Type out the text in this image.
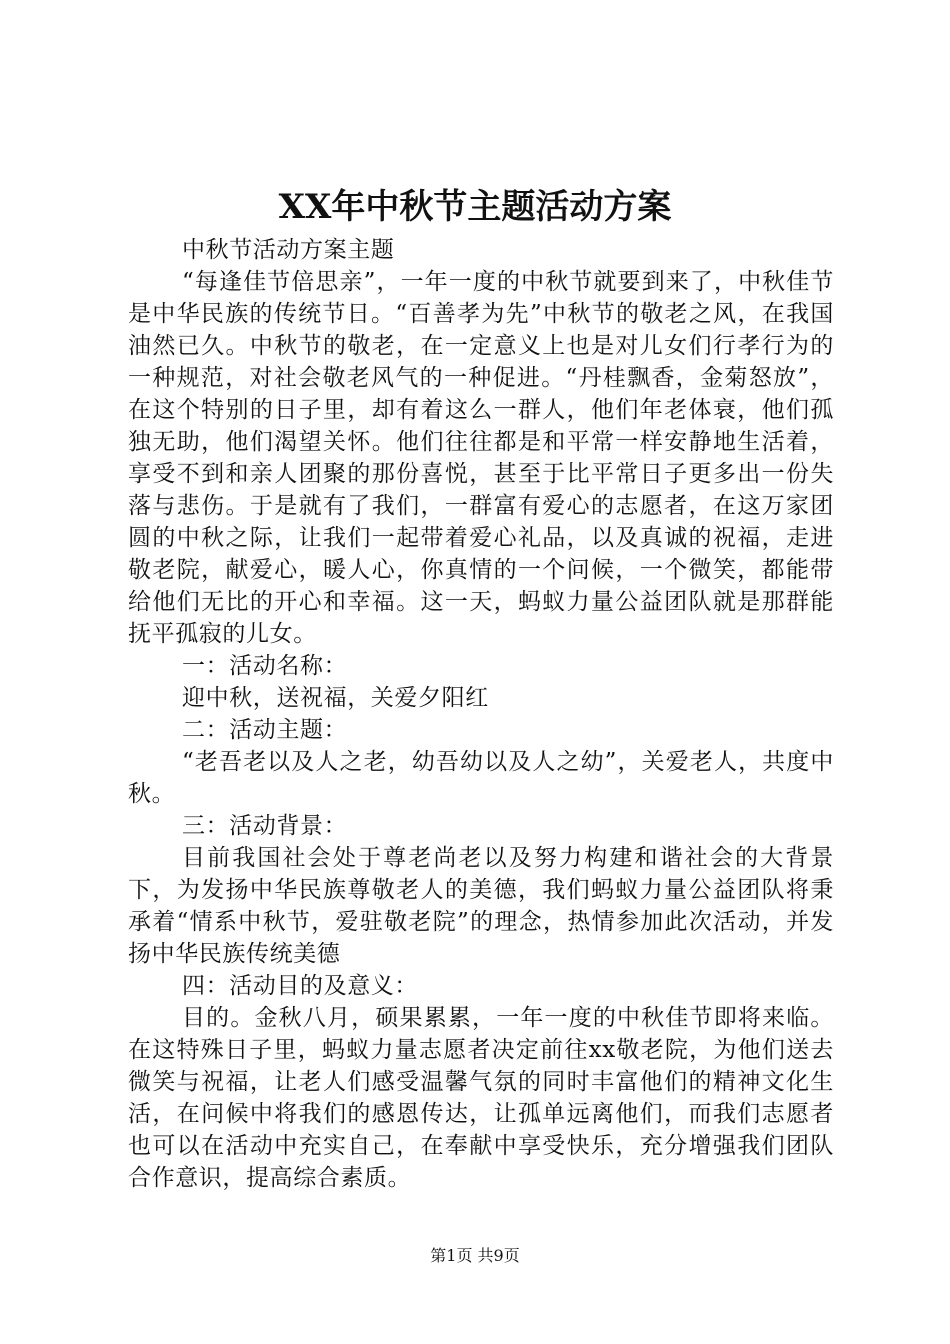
XX年中秋节主题活动方案

中秋节活动方案主题

“每逢佳节倍思亲”，一年一度的中秋节就要到来了，中秋佳节是中华民族的传统节日。“百善孝为先”中秋节的敬老之风，在我国油然已久。中秋节的敬老，在一定意义上也是对儿女们行孝行为的一种规范，对社会敬老风气的一种促进。“丹桂飘香，金菊怒放”，在这个特别的日子里，却有着这么一群人，他们年老体衰，他们孤独无助，他们渴望关怀。他们往往都是和平常一样安静地生活着，享受不到和亲人团聚的那份喜悦，甚至于比平常日子更多出一份失落与悲伤。于是就有了我们，一群富有爱心的志愿者，在这万家团圆的中秋之际，让我们一起带着爱心礼品，以及真诚的祝福，走进敬老院，献爱心，暖人心，你真情的一个问候，一个微笑，都能带给他们无比的开心和幸福。这一天，蚂蚁力量公益团队就是那群能抚平孤寂的儿女。

一：活动名称：

迎中秋，送祝福，关爱夕阳红

二：活动主题：

“老吾老以及人之老，幼吾幼以及人之幼”，关爱老人，共度中秋。

三：活动背景：

目前我国社会处于尊老尚老以及努力构建和谐社会的大背景下，为发扬中华民族尊敬老人的美德，我们蚂蚁力量公益团队将秉承着“情系中秋节，爱驻敬老院”的理念，热情参加此次活动，并发扬中华民族传统美德

四：活动目的及意义：

目的。金秋八月，硕果累累，一年一度的中秋佳节即将来临。在这特殊日子里，蚂蚁力量志愿者决定前往xx敬老院，为他们送去微笑与祝福，让老人们感受温馨气氛的同时丰富他们的精神文化生活，在问候中将我们的感恩传达，让孤单远离他们，而我们志愿者也可以在活动中充实自己，在奉献中享受快乐，充分增强我们团队合作意识，提高综合素质。

第1页 共9页
